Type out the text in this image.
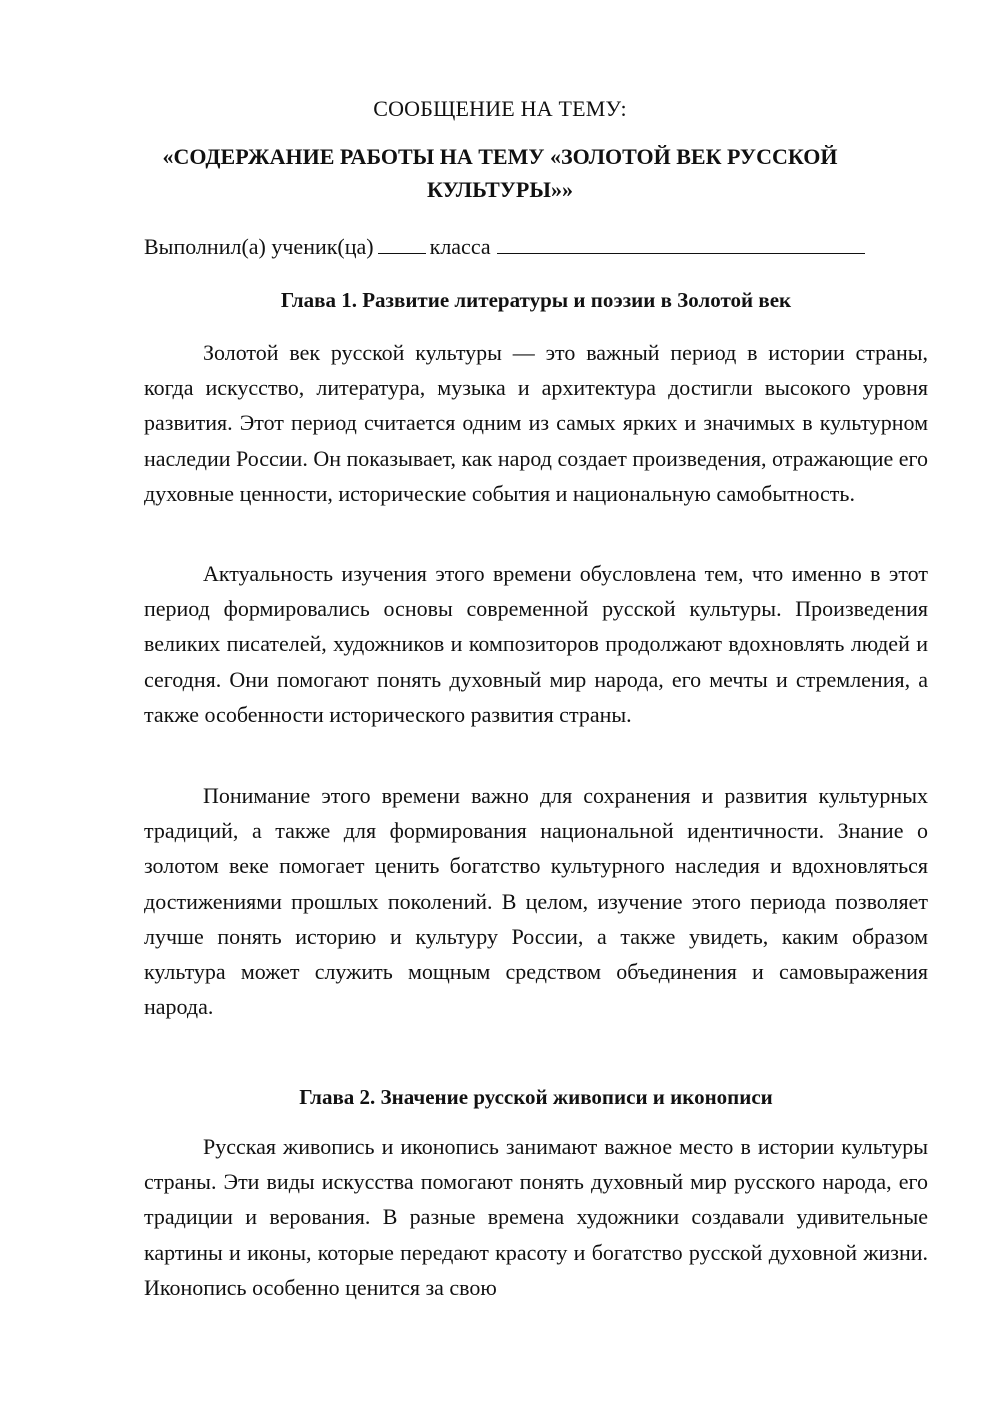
СООБЩЕНИЕ НА ТЕМУ:
«СОДЕРЖАНИЕ РАБОТЫ НА ТЕМУ «ЗОЛОТОЙ ВЕК РУССКОЙ КУЛЬТУРЫ»»
Выполнил(а) ученик(ца)	класса
Глава 1. Развитие литературы и поэзии в Золотой век

Золотой век русской культуры — это важный период в истории страны, когда искусство, литература, музыка и архитектура достигли высокого уровня развития. Этот период считается одним из самых ярких и значимых в культурном наследии России. Он показывает, как народ создает произведения, отражающие его духовные ценности, исторические события и национальную самобытность.

Актуальность изучения этого времени обусловлена тем, что именно в этот период формировались основы современной русской культуры. Произведения великих писателей, художников и композиторов продолжают вдохновлять людей и сегодня. Они помогают понять духовный мир народа, его мечты и стремления, а также особенности исторического развития страны.

Понимание этого времени важно для сохранения и развития культурных традиций, а также для формирования национальной идентичности. Знание о золотом веке помогает ценить богатство культурного наследия и вдохновляться достижениями прошлых поколений. В целом, изучение этого периода позволяет лучше понять историю и культуру России, а также увидеть, каким образом культура может служить мощным средством объединения и самовыражения народа.

Глава 2. Значение русской живописи и иконописи

Русская живопись и иконопись занимают важное место в истории культуры страны. Эти виды искусства помогают понять духовный мир русского народа, его традиции и верования. В разные времена художники создавали удивительные картины и иконы, которые передают красоту и богатство русской духовной жизни. Иконопись особенно ценится за свою
